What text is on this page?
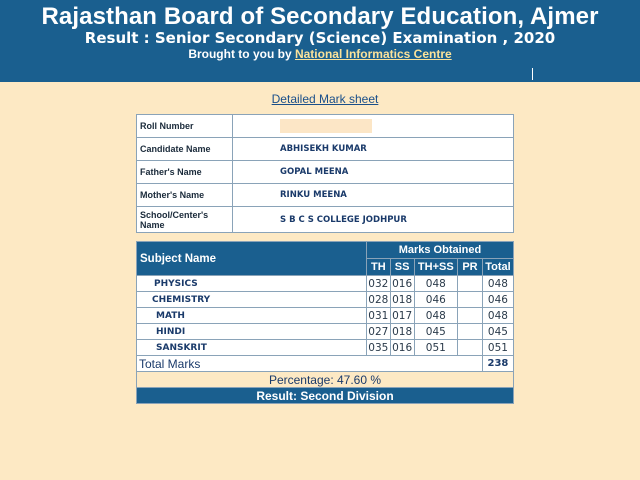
Rajasthan Board of Secondary Education, Ajmer
Result : Senior Secondary (Science) Examination , 2020
Brought to you by National Informatics Centre
Detailed Mark sheet
Roll Number	
Candidate Name	ABHISEKH KUMAR
Father's Name	GOPAL MEENA
Mother's Name	RINKU MEENA
School/Center's Name	S B C S COLLEGE JODHPUR
Subject Name	Marks Obtained				
	TH	SS	TH+SS	PR	Total
PHYSICS	032	016	048		048
CHEMISTRY	028	018	046		046
MATH	031	017	048		048
HINDI	027	018	045		045
SANSKRIT	035	016	051		051
Total Marks					238
Percentage: 47.60 %					
Result: Second Division					
